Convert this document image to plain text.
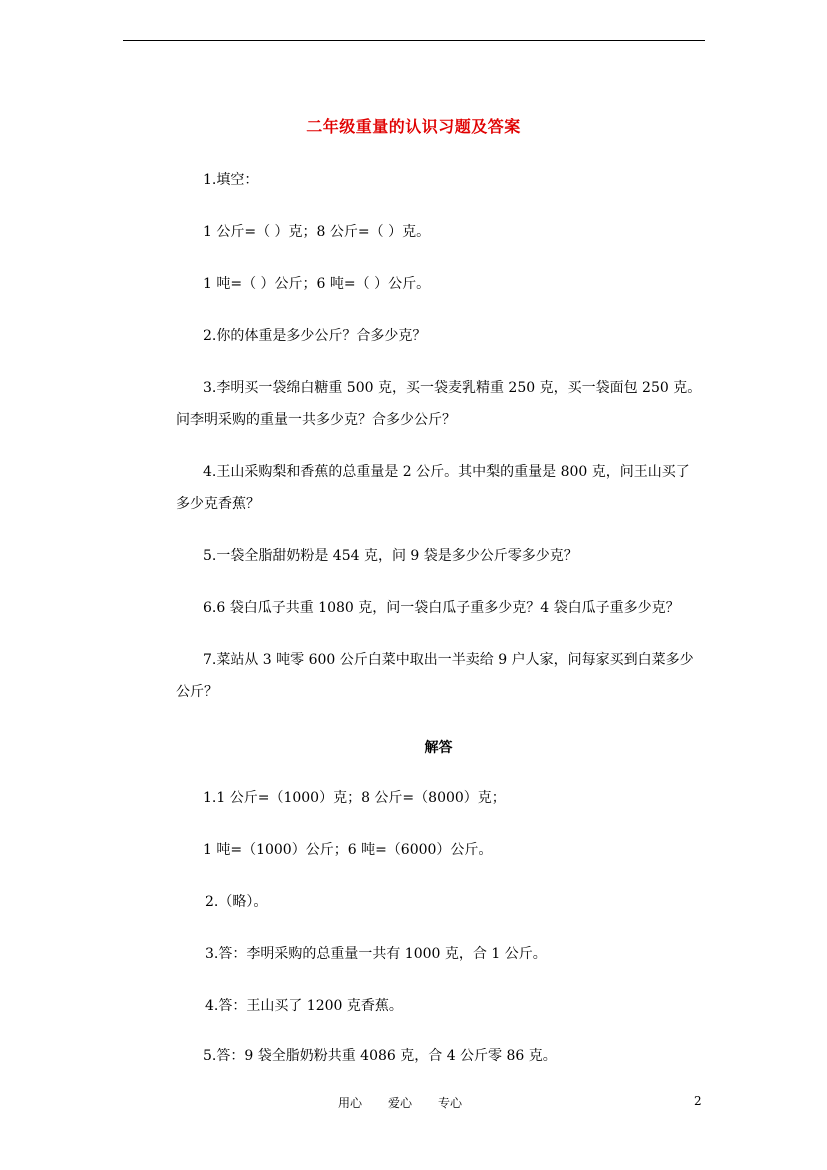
二年级重量的认识习题及答案
1.填空：
1 公斤=（ ）克；8 公斤=（ ）克。
1 吨=（ ）公斤；6 吨=（ ）公斤。
2.你的体重是多少公斤？合多少克？
3.李明买一袋绵白糖重 500 克，买一袋麦乳精重 250 克，买一袋面包 250 克。
问李明采购的重量一共多少克？合多少公斤？
4.王山采购梨和香蕉的总重量是 2 公斤。其中梨的重量是 800 克，问王山买了
多少克香蕉？
5.一袋全脂甜奶粉是 454 克，问 9 袋是多少公斤零多少克？
6.6 袋白瓜子共重 1080 克，问一袋白瓜子重多少克？4 袋白瓜子重多少克？
7.菜站从 3 吨零 600 公斤白菜中取出一半卖给 9 户人家，问每家买到白菜多少
公斤？
解答
1.1 公斤=（1000）克；8 公斤=（8000）克；
1 吨=（1000）公斤；6 吨=（6000）公斤。
2.（略）。
3.答：李明采购的总重量一共有 1000 克，合 1 公斤。
4.答：王山买了 1200 克香蕉。
5.答：9 袋全脂奶粉共重 4086 克，合 4 公斤零 86 克。
用心 爱心 专心	2
